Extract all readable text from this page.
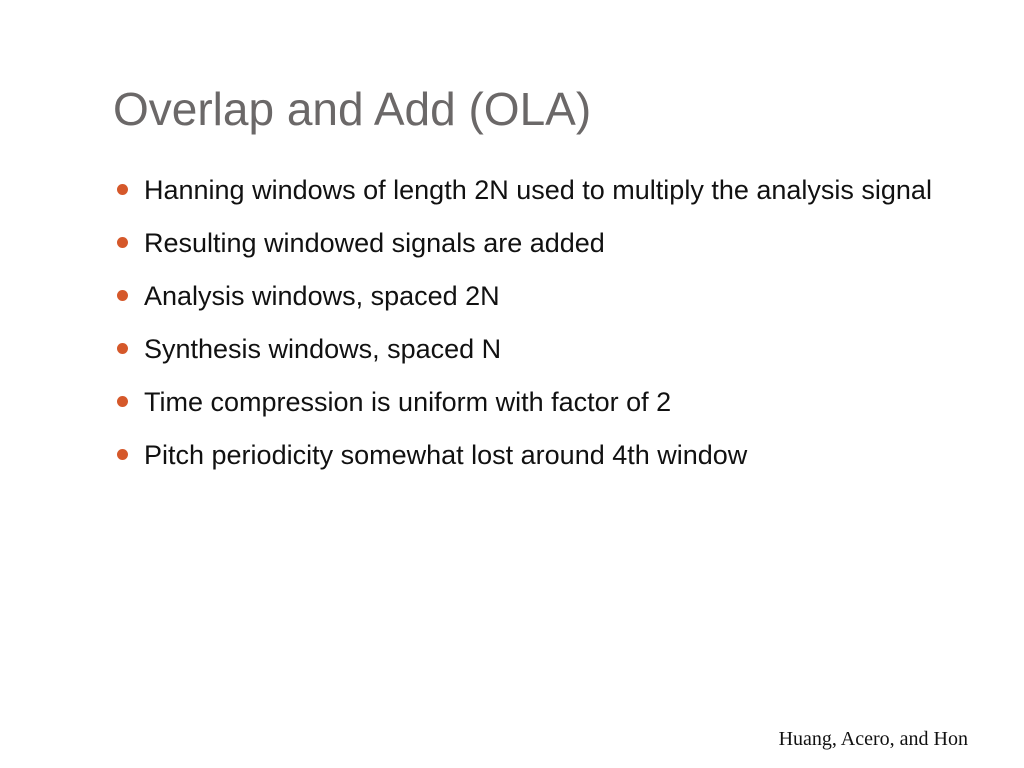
Overlap and Add (OLA)
Hanning windows of length 2N used to multiply the analysis signal
Resulting windowed signals are added
Analysis windows, spaced 2N
Synthesis windows, spaced N
Time compression is uniform with factor of 2
Pitch periodicity somewhat lost around 4th window
Huang, Acero, and Hon
